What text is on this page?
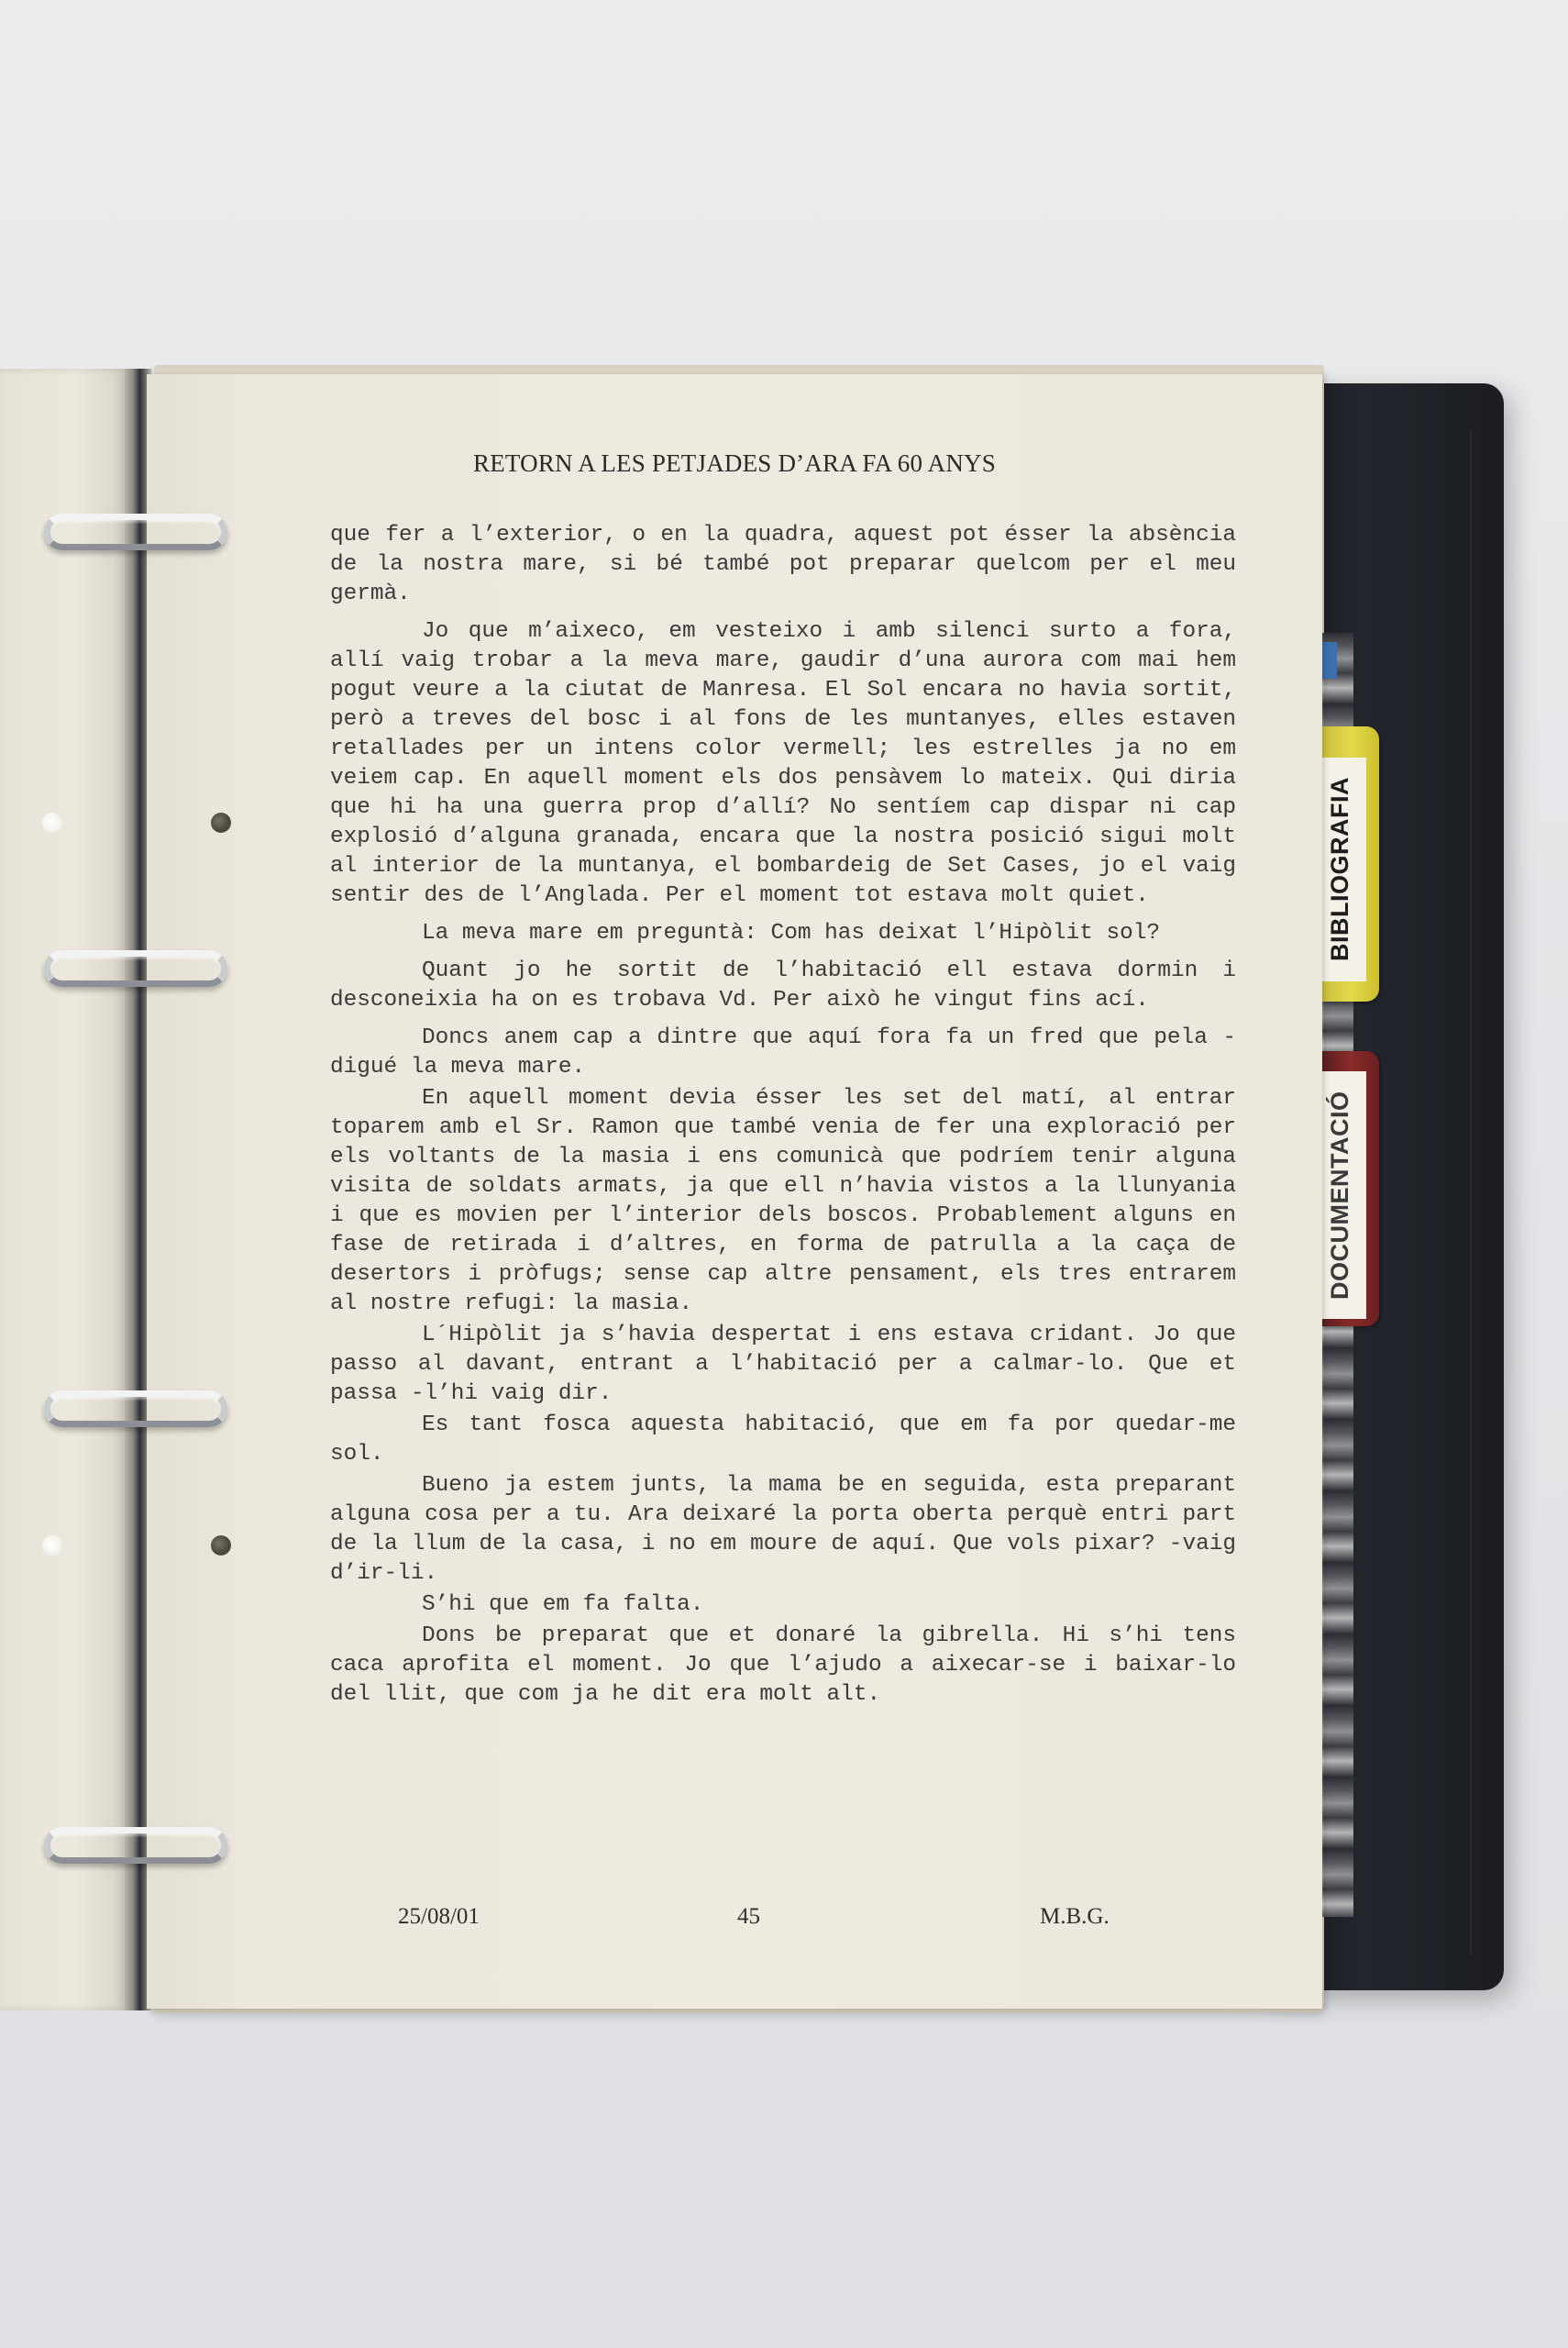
BIBLIOGRAFIA
DOCUMENTACIÓ
RETORN A LES PETJADES D’ARA FA 60 ANYS

que fer a l’exterior, o en la quadra, aquest pot ésser la absència de la nostra mare, si bé també pot preparar quelcom per el meu germà.

Jo que m’aixeco, em vesteixo i amb silenci surto a fora, allí vaig trobar a la meva mare, gaudir d’una aurora com mai hem pogut veure a la ciutat de Manresa. El Sol encara no havia sortit, però a treves del bosc i al fons de les muntanyes, elles estaven retallades per un intens color vermell; les estrelles ja no em veiem cap. En aquell moment els dos pensàvem lo mateix. Qui diria que hi ha una guerra prop d’allí? No sentíem cap dispar ni cap explosió d’alguna granada, encara que la nostra posició sigui molt al interior de la muntanya, el bombardeig de Set Cases, jo el vaig sentir des de l’Anglada. Per el moment tot estava molt quiet.

La meva mare em preguntà: Com has deixat l’Hipòlit sol?

Quant jo he sortit de l’habitació ell estava dormin i desconeixia ha on es trobava Vd. Per això he vingut fins ací.

Doncs anem cap a dintre que aquí fora fa un fred que pela -digué la meva mare.

En aquell moment devia ésser les set del matí, al entrar toparem amb el Sr. Ramon que també venia de fer una exploració per els voltants de la masia i ens comunicà que podríem tenir alguna visita de soldats armats, ja que ell n’havia vistos a la llunyania i que es movien per l’interior dels boscos. Probablement alguns en fase de retirada i d’altres, en forma de patrulla a la caça de desertors i pròfugs; sense cap altre pensament, els tres entrarem al nostre refugi: la masia.

L´Hipòlit ja s’havia despertat i ens estava cridant. Jo que passo al davant, entrant a l’habitació per a calmar-lo. Que et passa -l’hi vaig dir.

Es tant fosca aquesta habitació, que em fa por quedar-me sol.

Bueno ja estem junts, la mama be en seguida, esta preparant alguna cosa per a tu. Ara deixaré la porta oberta perquè entri part de la llum de la casa, i no em moure de aquí. Que vols pixar? -vaig d’ir-li.

S’hi que em fa falta.

Dons be preparat que et donaré la gibrella. Hi s’hi tens caca aprofita el moment. Jo que l’ajudo a aixecar-se i baixar-lo del llit, que com ja he dit era molt alt.

25/08/01	45	M.B.G.
